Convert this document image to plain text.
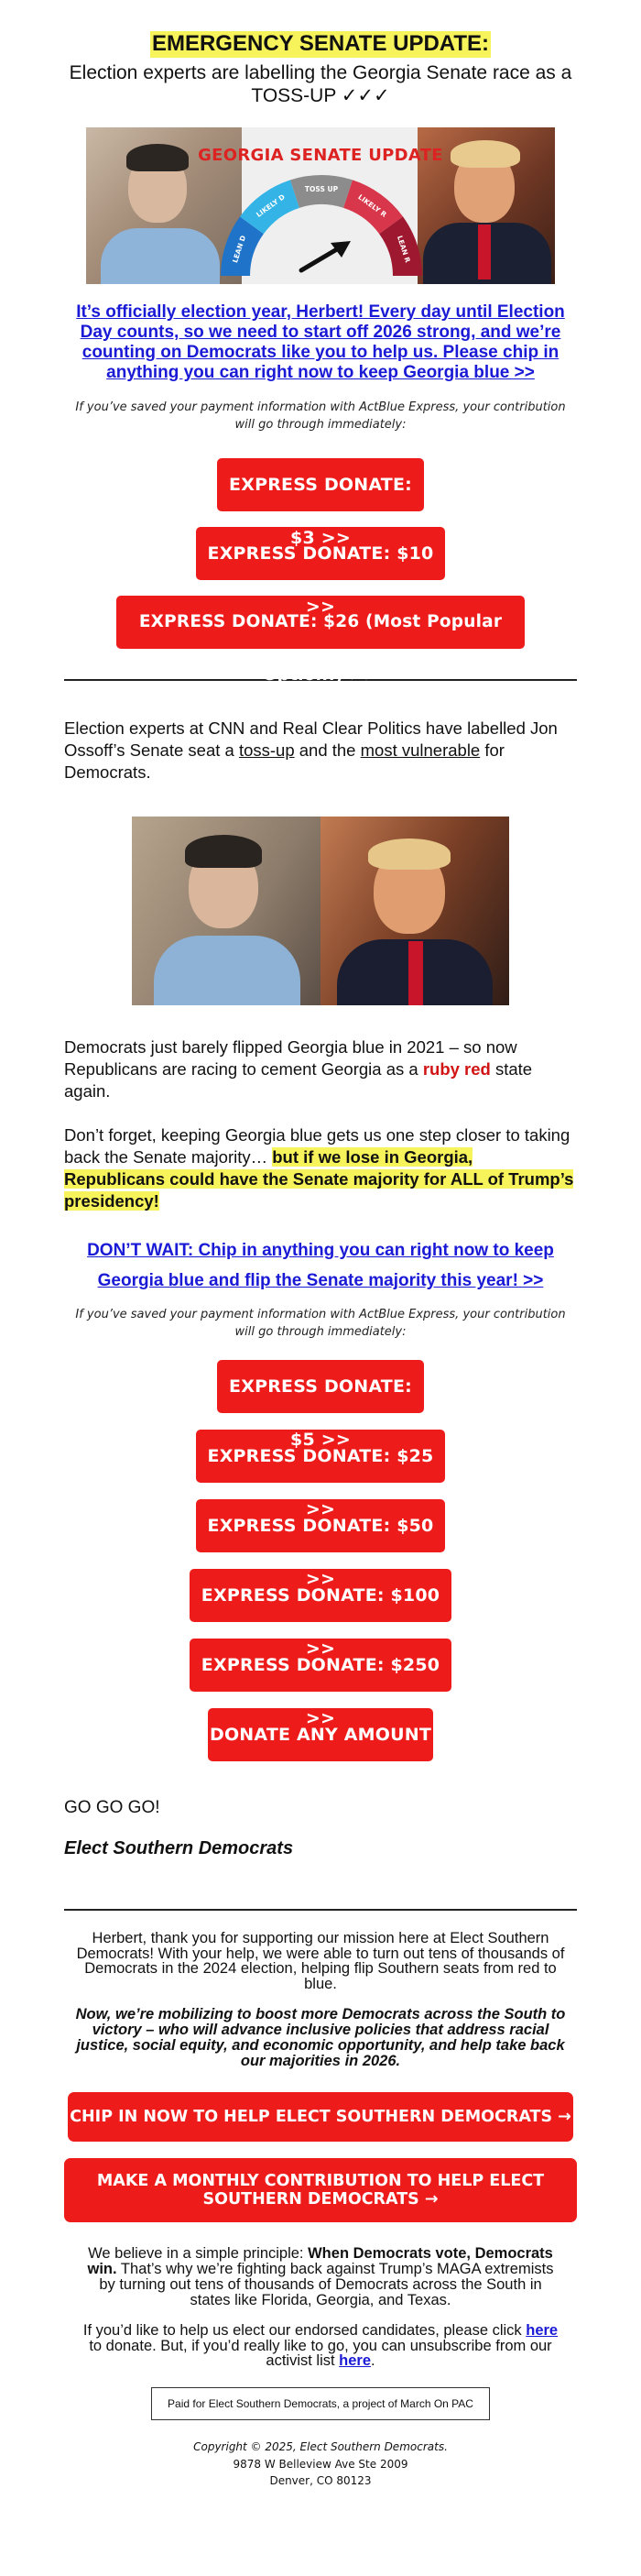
EMERGENCY SENATE UPDATE:
Election experts are labelling the Georgia Senate race as a TOSS-UP ✓✓✓
GEORGIA SENATE UPDATE
LEAN D
LIKELY D
TOSS UP
LIKELY R
LEAN R
It’s officially election year, Herbert! Every day until Election Day counts, so we need to start off 2026 strong, and we’re counting on Democrats like you to help us. Please chip in anything you can right now to keep Georgia blue >>
If you’ve saved your payment information with ActBlue Express, your contribution will go through immediately:
EXPRESS DONATE:
EXPRESS DONATE: $10
EXPRESS DONATE: $26 (Most Popular Option!) >>

Election experts at CNN and Real Clear Politics have labelled Jon Ossoff’s Senate seat a toss-up and the most vulnerable for Democrats.

Democrats just barely flipped Georgia blue in 2021 – so now Republicans are racing to cement Georgia as a ruby red state again.

Don’t forget, keeping Georgia blue gets us one step closer to taking back the Senate majority… but if we lose in Georgia, Republicans could have the Senate majority for ALL of Trump’s presidency!

DON’T WAIT: Chip in anything you can right now to keep Georgia blue and flip the Senate majority this year! >>
If you’ve saved your payment information with ActBlue Express, your contribution will go through immediately:
EXPRESS DONATE:
EXPRESS DONATE: $25
EXPRESS DONATE: $50
EXPRESS DONATE: $100
EXPRESS DONATE: $250
DONATE ANY AMOUNT >>
GO GO GO!
Elect Southern Democrats

Herbert, thank you for supporting our mission here at Elect Southern Democrats! With your help, we were able to turn out tens of thousands of Democrats in the 2024 election, helping flip Southern seats from red to blue.

Now, we’re mobilizing to boost more Democrats across the South to victory – who will advance inclusive policies that address racial justice, social equity, and economic opportunity, and help take back our majorities in 2026.

CHIP IN NOW TO HELP ELECT SOUTHERN DEMOCRATS →
MAKE A MONTHLY CONTRIBUTION TO HELP ELECT SOUTHERN DEMOCRATS →

We believe in a simple principle: When Democrats vote, Democrats win. That’s why we’re fighting back against Trump’s MAGA extremists by turning out tens of thousands of Democrats across the South in states like Florida, Georgia, and Texas.

If you’d like to help us elect our endorsed candidates, please click here to donate. But, if you’d really like to go, you can unsubscribe from our activist list here.

Paid for Elect Southern Democrats, a project of March On PAC
Copyright © 2025, Elect Southern Democrats.
9878 W Belleview Ave Ste 2009
Denver, CO 80123
